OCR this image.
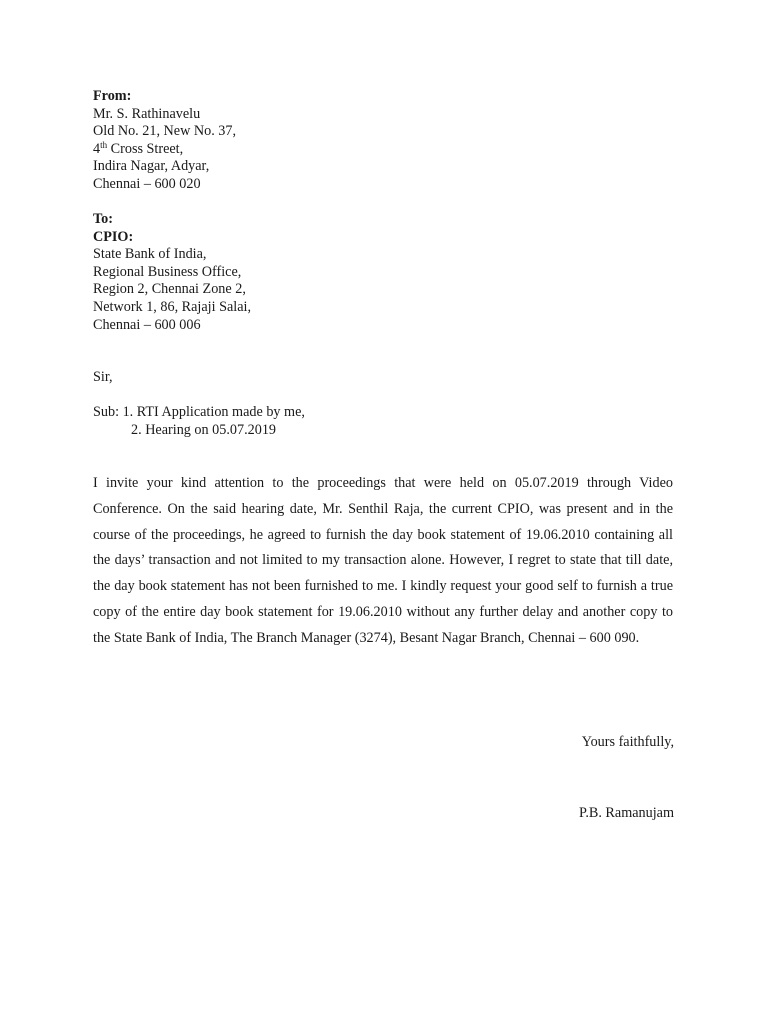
From:
Mr. S. Rathinavelu
Old No. 21, New No. 37,
4th Cross Street,
Indira Nagar, Adyar,
Chennai – 600 020
To:
CPIO:
State Bank of India,
Regional Business Office,
Region 2, Chennai Zone 2,
Network 1, 86, Rajaji Salai,
Chennai – 600 006
Sir,
Sub: 1. RTI Application made by me,
2. Hearing on 05.07.2019
I invite your kind attention to the proceedings that were held on 05.07.2019 through Video Conference. On the said hearing date, Mr. Senthil Raja, the current CPIO, was present and in the course of the proceedings, he agreed to furnish the day book statement of 19.06.2010 containing all the days’ transaction and not limited to my transaction alone. However, I regret to state that till date, the day book statement has not been furnished to me. I kindly request your good self to furnish a true copy of the entire day book statement for 19.06.2010 without any further delay and another copy to the State Bank of India, The Branch Manager (3274), Besant Nagar Branch, Chennai – 600 090.
Yours faithfully,
P.B. Ramanujam
